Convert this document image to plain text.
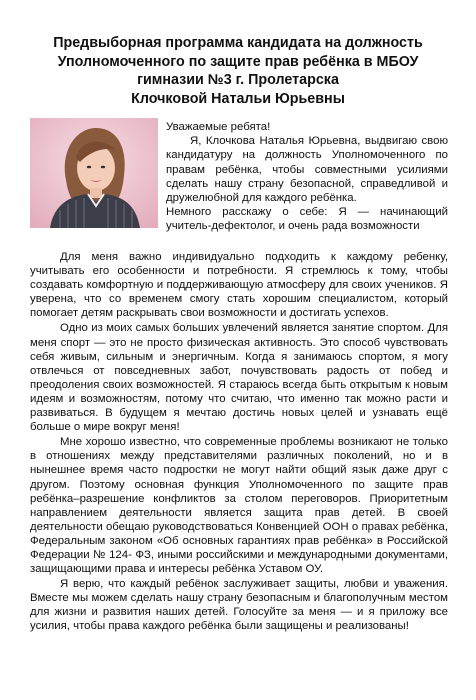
Предвыборная программа кандидата на должность
Уполномоченного по защите прав ребёнка в МБОУ
гимназии №3 г. Пролетарска
Клочковой Натальи Юрьевны

Уважаемые ребята!

Я, Клочкова Наталья Юрьевна, выдвигаю свою кандидатуру на должность Уполномоченного по правам ребёнка, чтобы совместными усилиями сделать нашу страну безопасной, справедливой и дружелюбной для каждого ребёнка.

Немного расскажу о себе: Я — начинающий учитель-дефектолог, и очень рада возможности

Для меня важно индивидуально подходить к каждому ребенку, учитывать его особенности и потребности. Я стремлюсь к тому, чтобы создавать комфортную и поддерживающую атмосферу для своих учеников. Я уверена, что со временем смогу стать хорошим специалистом, который помогает детям раскрывать свои возможности и достигать успехов.

Одно из моих самых больших увлечений является занятие спортом. Для меня спорт — это не просто физическая активность. Это способ чувствовать себя живым, сильным и энергичным. Когда я занимаюсь спортом, я могу отвлечься от повседневных забот, почувствовать радость от побед и преодоления своих возможностей. Я стараюсь всегда быть открытым к новым идеям и возможностям, потому что считаю, что именно так можно расти и развиваться. В будущем я мечтаю достичь новых целей и узнавать ещё больше о мире вокруг меня!

Мне хорошо известно, что современные проблемы возникают не только в отношениях между представителями различных поколений, но и в нынешнее время часто подростки не могут найти общий язык даже друг с другом. Поэтому основная функция Уполномоченного по защите прав ребёнка–разрешение конфликтов за столом переговоров. Приоритетным направлением деятельности является защита прав детей. В своей деятельности обещаю руководствоваться Конвенцией ООН о правах ребёнка, Федеральным законом «Об основных гарантиях прав ребёнка» в Российской Федерации № 124- ФЗ, иными российскими и международными документами, защищающими права и интересы ребёнка Уставом ОУ.

Я верю, что каждый ребёнок заслуживает защиты, любви и уважения. Вместе мы можем сделать нашу страну безопасным и благополучным местом для жизни и развития наших детей. Голосуйте за меня — и я приложу все усилия, чтобы права каждого ребёнка были защищены и реализованы!
